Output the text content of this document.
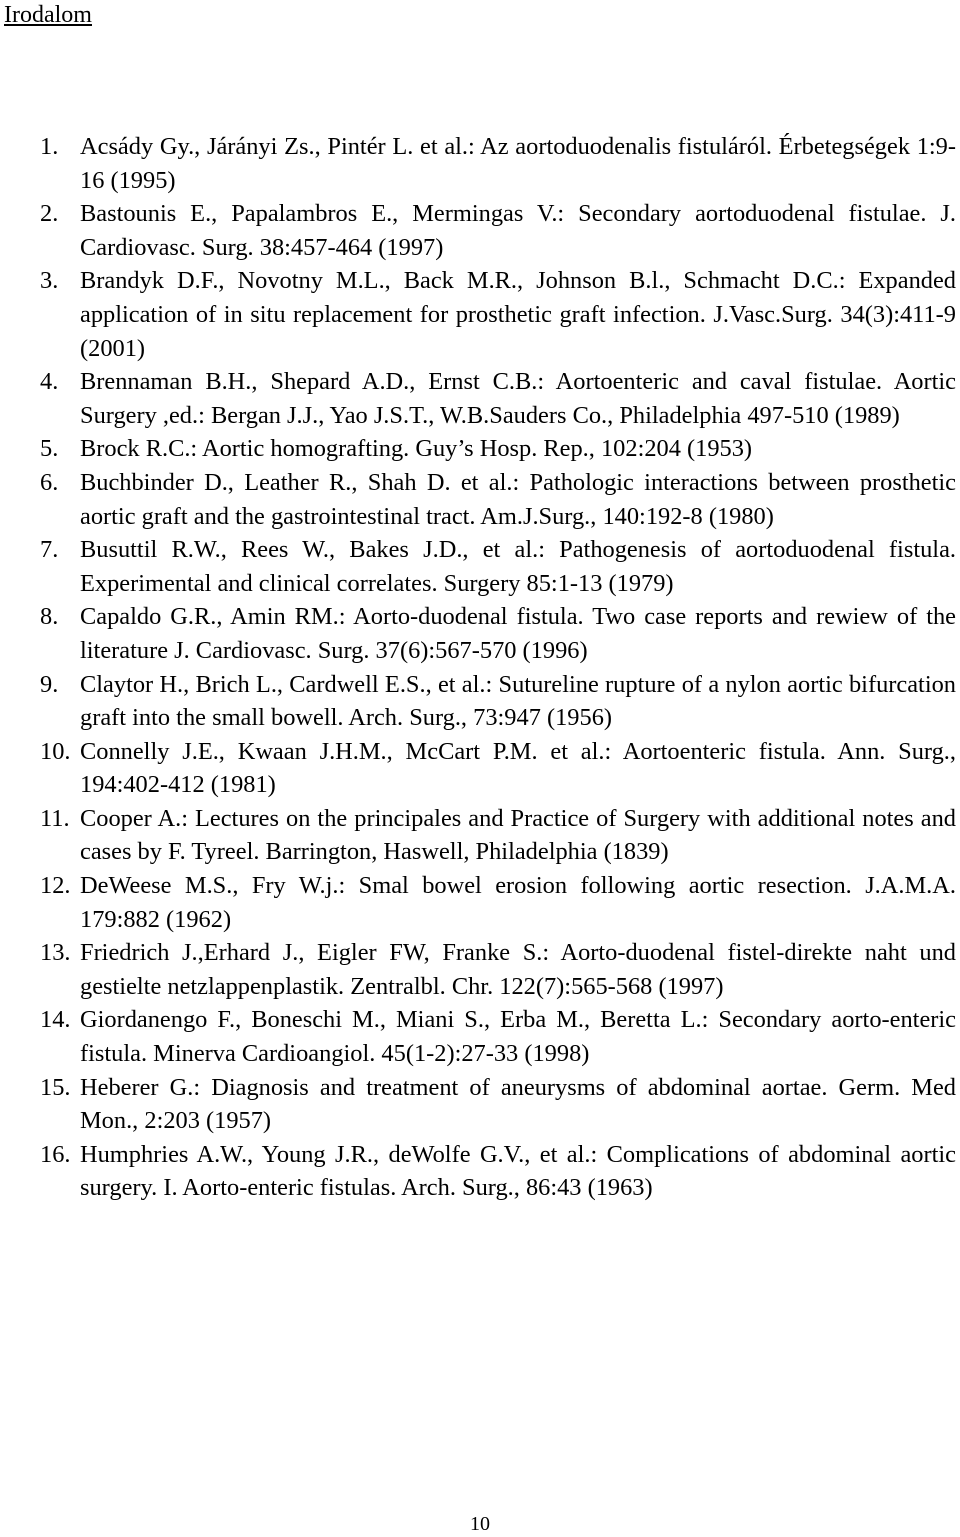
Irodalom
1. Acsády Gy., Járányi Zs., Pintér L. et al.: Az aortoduodenalis fistuláról. Érbetegségek 1:9-16 (1995)
2. Bastounis E., Papalambros E., Mermingas V.: Secondary aortoduodenal fistulae. J. Cardiovasc. Surg. 38:457-464 (1997)
3. Brandyk D.F., Novotny M.L., Back M.R., Johnson B.l., Schmacht D.C.: Expanded application of in situ replacement for prosthetic graft infection. J.Vasc.Surg. 34(3):411-9 (2001)
4. Brennaman B.H., Shepard A.D., Ernst C.B.: Aortoenteric and caval fistulae. Aortic Surgery ,ed.: Bergan J.J., Yao J.S.T., W.B.Sauders Co., Philadelphia 497-510 (1989)
5. Brock R.C.: Aortic homografting. Guy’s Hosp. Rep., 102:204 (1953)
6. Buchbinder D., Leather R., Shah D. et al.: Pathologic interactions between prosthetic aortic graft and the gastrointestinal tract. Am.J.Surg., 140:192-8 (1980)
7. Busuttil R.W., Rees W., Bakes J.D., et al.: Pathogenesis of aortoduodenal fistula. Experimental and clinical correlates. Surgery 85:1-13 (1979)
8. Capaldo G.R., Amin RM.: Aorto-duodenal fistula. Two case reports and rewiew of the literature J. Cardiovasc. Surg. 37(6):567-570 (1996)
9. Claytor H., Brich L., Cardwell E.S., et al.: Sutureline rupture of a nylon aortic bifurcation graft into the small bowell. Arch. Surg., 73:947 (1956)
10. Connelly J.E., Kwaan J.H.M., McCart P.M. et al.: Aortoenteric fistula. Ann. Surg., 194:402-412 (1981)
11. Cooper A.: Lectures on the principales and Practice of Surgery with additional notes and cases by F. Tyreel. Barrington, Haswell, Philadelphia (1839)
12. DeWeese M.S., Fry W.j.: Smal bowel erosion following aortic resection. J.A.M.A. 179:882 (1962)
13. Friedrich J.,Erhard J., Eigler FW, Franke S.: Aorto-duodenal fistel-direkte naht und gestielte netzlappenplastik. Zentralbl. Chr. 122(7):565-568 (1997)
14. Giordanengo F., Boneschi M., Miani S., Erba M., Beretta L.: Secondary aorto-enteric fistula. Minerva Cardioangiol. 45(1-2):27-33 (1998)
15. Heberer G.: Diagnosis and treatment of aneurysms of abdominal aortae. Germ. Med Mon., 2:203 (1957)
16. Humphries A.W., Young J.R., deWolfe G.V., et al.: Complications of abdominal aortic surgery. I. Aorto-enteric fistulas. Arch. Surg., 86:43 (1963)
10
